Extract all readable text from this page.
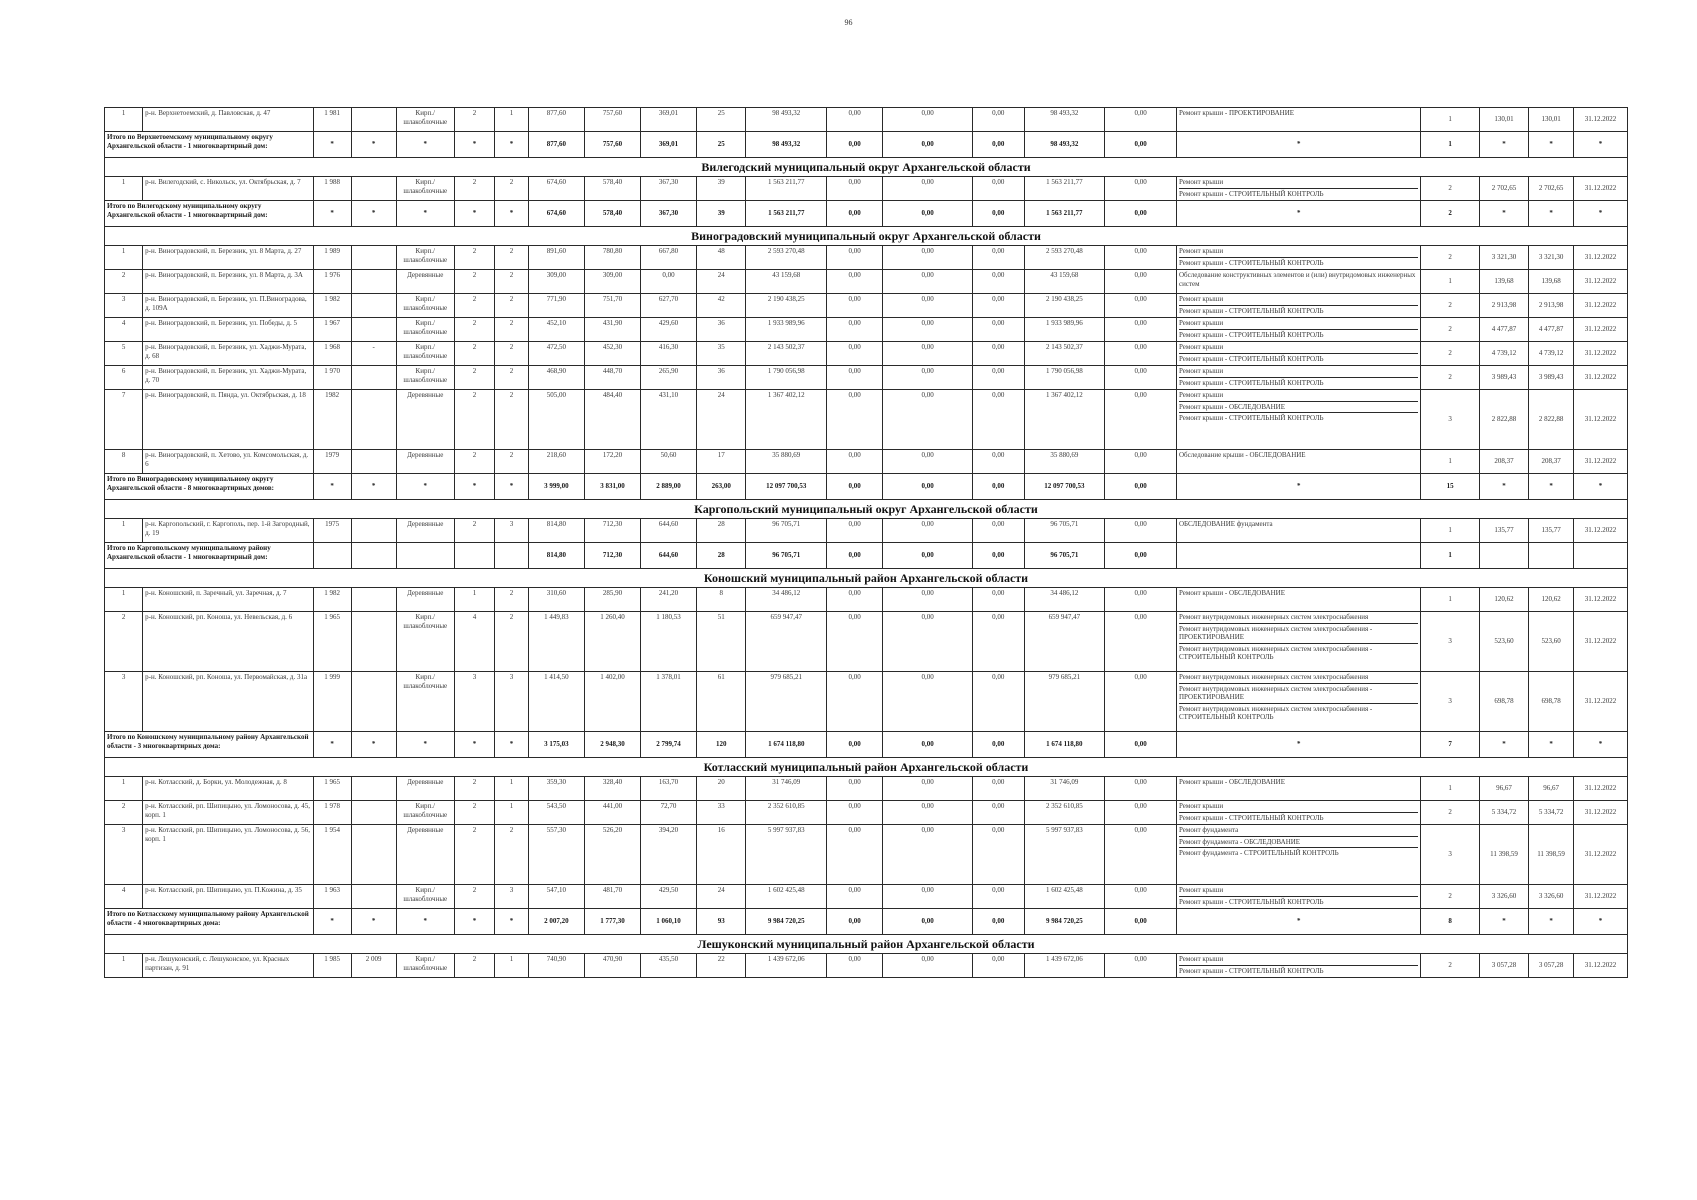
96
1	р-н. Верхнетоемский, д. Павловская, д. 47	1 981		Кирп./ шлакоблочные	2	1	877,60	757,60	369,01	25	98 493,32	0,00	0,00	0,00	98 493,32	0,00	Ремонт крыши - ПРОЕКТИРОВАНИЕ	1	130,01	130,01	31.12.2022
Итого по Верхнетоемскому муниципальному округу Архангельской области - 1 многоквартирный дом:		*	*	*	*	*	877,60	757,60	369,01	25	98 493,32	0,00	0,00	0,00	98 493,32	0,00	*	1	*	*	*
Вилегодский муниципальный округ Архангельской области																					
1	р-н. Вилегодский, с. Никольск, ул. Октябрьская, д. 7	1 988		Кирп./ шлакоблочные	2	2	674,60	578,40	367,30	39	1 563 211,77	0,00	0,00	0,00	1 563 211,77	0,00	Ремонт крыши
Ремонт крыши - СТРОИТЕЛЬНЫЙ КОНТРОЛЬ	2	2 702,65	2 702,65	31.12.2022
Итого по Вилегодскому муниципальному округу Архангельской области - 1 многоквартирный дом:		*	*	*	*	*	674,60	578,40	367,30	39	1 563 211,77	0,00	0,00	0,00	1 563 211,77	0,00	*	2	*	*	*
Виноградовский муниципальный округ Архангельской области																					
1	р-н. Виноградовский, п. Березник, ул. 8 Марта, д. 27	1 989		Кирп./ шлакоблочные	2	2	891,60	780,80	667,80	48	2 593 270,48	0,00	0,00	0,00	2 593 270,48	0,00	Ремонт крыши
Ремонт крыши - СТРОИТЕЛЬНЫЙ КОНТРОЛЬ	2	3 321,30	3 321,30	31.12.2022
2	р-н. Виноградовский, п. Березник, ул. 8 Марта, д. 3А	1 976		Деревянные	2	2	309,00	309,00	0,00	24	43 159,68	0,00	0,00	0,00	43 159,68	0,00	Обследование конструктивных элементов и (или) внутридомовых инженерных систем	1	139,68	139,68	31.12.2022
3	р-н. Виноградовский, п. Березник, ул. П.Виноградова, д. 109А	1 982		Кирп./ шлакоблочные	2	2	771,90	751,70	627,70	42	2 190 438,25	0,00	0,00	0,00	2 190 438,25	0,00	Ремонт крыши
Ремонт крыши - СТРОИТЕЛЬНЫЙ КОНТРОЛЬ	2	2 913,98	2 913,98	31.12.2022
4	р-н. Виноградовский, п. Березник, ул. Победы, д. 5	1 967		Кирп./ шлакоблочные	2	2	452,10	431,90	429,60	36	1 933 989,96	0,00	0,00	0,00	1 933 989,96	0,00	Ремонт крыши
Ремонт крыши - СТРОИТЕЛЬНЫЙ КОНТРОЛЬ	2	4 477,87	4 477,87	31.12.2022
5	р-н. Виноградовский, п. Березник, ул. Хаджи-Мурата, д. 68	1 968	-	Кирп./ шлакоблочные	2	2	472,50	452,30	416,30	35	2 143 502,37	0,00	0,00	0,00	2 143 502,37	0,00	Ремонт крыши
Ремонт крыши - СТРОИТЕЛЬНЫЙ КОНТРОЛЬ	2	4 739,12	4 739,12	31.12.2022
6	р-н. Виноградовский, п. Березник, ул. Хаджи-Мурата, д. 70	1 970		Кирп./ шлакоблочные	2	2	468,90	448,70	265,90	36	1 790 056,98	0,00	0,00	0,00	1 790 056,98	0,00	Ремонт крыши
Ремонт крыши - СТРОИТЕЛЬНЫЙ КОНТРОЛЬ	2	3 989,43	3 989,43	31.12.2022
7	р-н. Виноградовский, п. Пянда, ул. Октябрьская, д. 18	1982		Деревянные	2	2	505,00	484,40	431,10	24	1 367 402,12	0,00	0,00	0,00	1 367 402,12	0,00	Ремонт крыши
Ремонт крыши - ОБСЛЕДОВАНИЕ
Ремонт крыши - СТРОИТЕЛЬНЫЙ КОНТРОЛЬ	3	2 822,88	2 822,88	31.12.2022
8	р-н. Виноградовский, п. Хетово, ул. Комсомольская, д. 6	1979		Деревянные	2	2	218,60	172,20	50,60	17	35 880,69	0,00	0,00	0,00	35 880,69	0,00	Обследование крыши - ОБСЛЕДОВАНИЕ	1	208,37	208,37	31.12.2022
Итого по Виноградовскому муниципальному округу Архангельской области - 8 многоквартирных домов:		*	*	*	*	*	3 999,00	3 831,00	2 889,00	263,00	12 097 700,53	0,00	0,00	0,00	12 097 700,53	0,00	*	15	*	*	*
Каргопольский муниципальный округ Архангельской области																					
1	р-н. Каргопольский, г. Каргополь, пер. 1-й Загородный, д. 19	1975		Деревянные	2	3	814,80	712,30	644,60	28	96 705,71	0,00	0,00	0,00	96 705,71	0,00	ОБСЛЕДОВАНИЕ фундамента	1	135,77	135,77	31.12.2022
Итого по Каргопольскому муниципальному району Архангельской области - 1 многоквартирный дом:							814,80	712,30	644,60	28	96 705,71	0,00	0,00	0,00	96 705,71	0,00		1			
Коношский муниципальный район Архангельской области																					
1	р-н. Коношский, п. Заречный, ул. Заречная, д. 7	1 982		Деревянные	1	2	310,60	285,90	241,20	8	34 486,12	0,00	0,00	0,00	34 486,12	0,00	Ремонт крыши - ОБСЛЕДОВАНИЕ	1	120,62	120,62	31.12.2022
2	р-н. Коношский, рп. Коноша, ул. Невельская, д. 6	1 965		Кирп./ шлакоблочные	4	2	1 449,83	1 260,40	1 180,53	51	659 947,47	0,00	0,00	0,00	659 947,47	0,00	Ремонт внутридомовых инженерных систем электроснабжения
Ремонт внутридомовых инженерных систем электроснабжения - ПРОЕКТИРОВАНИЕ
Ремонт внутридомовых инженерных систем электроснабжения - СТРОИТЕЛЬНЫЙ КОНТРОЛЬ	3	523,60	523,60	31.12.2022
3	р-н. Коношский, рп. Коноша, ул. Первомайская, д. 31а	1 999		Кирп./ шлакоблочные	3	3	1 414,50	1 402,00	1 378,01	61	979 685,21	0,00	0,00	0,00	979 685,21	0,00	Ремонт внутридомовых инженерных систем электроснабжения
Ремонт внутридомовых инженерных систем электроснабжения - ПРОЕКТИРОВАНИЕ
Ремонт внутридомовых инженерных систем электроснабжения - СТРОИТЕЛЬНЫЙ КОНТРОЛЬ	3	698,78	698,78	31.12.2022
Итого по Коношскому муниципальному району Архангельской области - 3 многоквартирных дома:		*	*	*	*	*	3 175,03	2 948,30	2 799,74	120	1 674 118,80	0,00	0,00	0,00	1 674 118,80	0,00	*	7	*	*	*
Котласский муниципальный район Архангельской области																					
1	р-н. Котласский, д. Борки, ул. Молодежная, д. 8	1 965		Деревянные	2	1	359,30	328,40	163,70	20	31 746,09	0,00	0,00	0,00	31 746,09	0,00	Ремонт крыши - ОБСЛЕДОВАНИЕ	1	96,67	96,67	31.12.2022
2	р-н. Котласский, рп. Шипицыно, ул. Ломоносова, д. 45, корп. 1	1 978		Кирп./ шлакоблочные	2	1	543,50	441,00	72,70	33	2 352 610,85	0,00	0,00	0,00	2 352 610,85	0,00	Ремонт крыши
Ремонт крыши - СТРОИТЕЛЬНЫЙ КОНТРОЛЬ	2	5 334,72	5 334,72	31.12.2022
3	р-н. Котласский, рп. Шипицыно, ул. Ломоносова, д. 56, корп. 1	1 954		Деревянные	2	2	557,30	526,20	394,20	16	5 997 937,83	0,00	0,00	0,00	5 997 937,83	0,00	Ремонт фундамента
Ремонт фундамента - ОБСЛЕДОВАНИЕ
Ремонт фундамента - СТРОИТЕЛЬНЫЙ КОНТРОЛЬ	3	11 398,59	11 398,59	31.12.2022
4	р-н. Котласский, рп. Шипицыно, ул. П.Кожина, д. 35	1 963		Кирп./ шлакоблочные	2	3	547,10	481,70	429,50	24	1 602 425,48	0,00	0,00	0,00	1 602 425,48	0,00	Ремонт крыши
Ремонт крыши - СТРОИТЕЛЬНЫЙ КОНТРОЛЬ	2	3 326,60	3 326,60	31.12.2022
Итого по Котласскому муниципальному району Архангельской области - 4 многоквартирных дома:		*	*	*	*	*	2 007,20	1 777,30	1 060,10	93	9 984 720,25	0,00	0,00	0,00	9 984 720,25	0,00	*	8	*	*	*
Лешуконский муниципальный район Архангельской области																					
1	р-н. Лешуконский, с. Лешуконское, ул. Красных партизан, д. 91	1 985	2 009	Кирп./ шлакоблочные	2	1	740,90	470,90	435,50	22	1 439 672,06	0,00	0,00	0,00	1 439 672,06	0,00	Ремонт крыши
Ремонт крыши - СТРОИТЕЛЬНЫЙ КОНТРОЛЬ	2	3 057,28	3 057,28	31.12.2022
